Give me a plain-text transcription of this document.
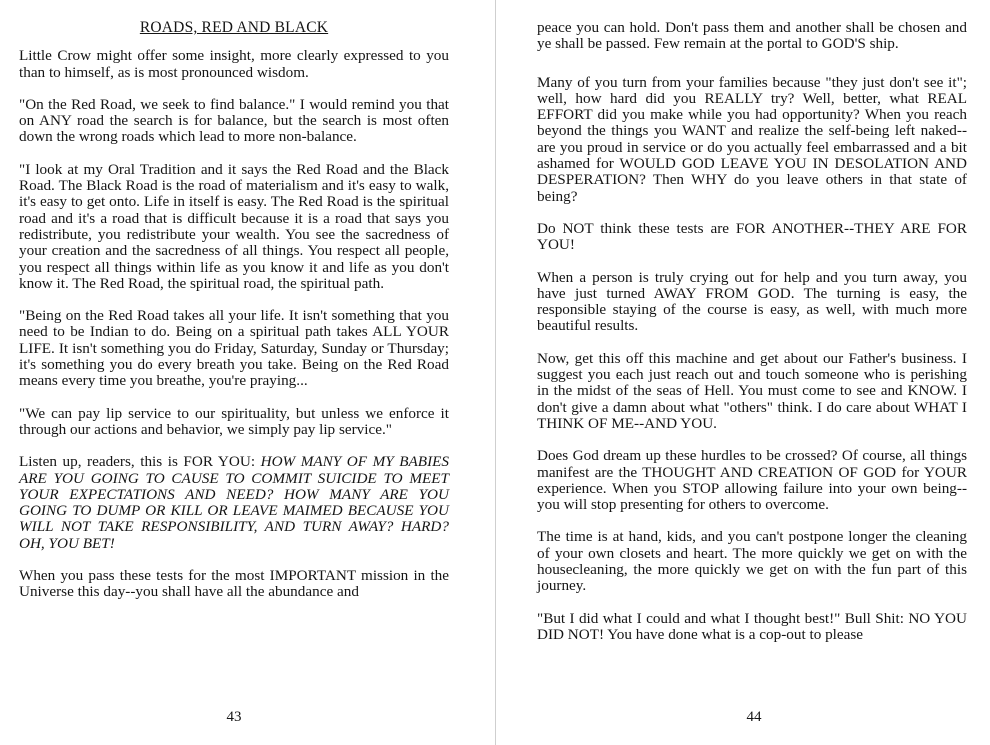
ROADS, RED AND BLACK

Little Crow might offer some insight, more clearly expressed to you than to himself, as is most pronounced wisdom.

"On the Red Road, we seek to find balance." I would remind you that on ANY road the search is for balance, but the search is most often down the wrong roads which lead to more non-balance.

"I look at my Oral Tradition and it says the Red Road and the Black Road. The Black Road is the road of materialism and it's easy to walk, it's easy to get onto. Life in itself is easy. The Red Road is the spiritual road and it's a road that is difficult because it is a road that says you redistribute, you redistribute your wealth. You see the sacredness of your creation and the sacredness of all things. You respect all people, you respect all things within life as you know it and life as you don't know it. The Red Road, the spiritual road, the spiritual path.

"Being on the Red Road takes all your life. It isn't something that you need to be Indian to do. Being on a spiritual path takes ALL YOUR LIFE. It isn't something you do Friday, Saturday, Sunday or Thursday; it's something you do every breath you take. Being on the Red Road means every time you breathe, you're praying...

"We can pay lip service to our spirituality, but unless we enforce it through our actions and behavior, we simply pay lip service."

Listen up, readers, this is FOR YOU: HOW MANY OF MY BABIES ARE YOU GOING TO CAUSE TO COMMIT SUICIDE TO MEET YOUR EXPECTATIONS AND NEED? HOW MANY ARE YOU GOING TO DUMP OR KILL OR LEAVE MAIMED BECAUSE YOU WILL NOT TAKE RESPONSIBILITY, AND TURN AWAY? HARD? OH, YOU BET!

When you pass these tests for the most IMPORTANT mission in the Universe this day--you shall have all the abundance and

peace you can hold. Don't pass them and another shall be chosen and ye shall be passed. Few remain at the portal to GOD'S ship.

Many of you turn from your families because "they just don't see it"; well, how hard did you REALLY try? Well, better, what REAL EFFORT did you make while you had opportunity? When you reach beyond the things you WANT and realize the self-being left naked--are you proud in service or do you actually feel embarrassed and a bit ashamed for WOULD GOD LEAVE YOU IN DESOLATION AND DESPERATION? Then WHY do you leave others in that state of being?

Do NOT think these tests are FOR ANOTHER--THEY ARE FOR YOU!

When a person is truly crying out for help and you turn away, you have just turned AWAY FROM GOD. The turning is easy, the responsible staying of the course is easy, as well, with much more beautiful results.

Now, get this off this machine and get about our Father's business. I suggest you each just reach out and touch someone who is perishing in the midst of the seas of Hell. You must come to see and KNOW. I don't give a damn about what "others" think. I do care about WHAT I THINK OF ME--AND YOU.

Does God dream up these hurdles to be crossed? Of course, all things manifest are the THOUGHT AND CREATION OF GOD for YOUR experience. When you STOP allowing failure into your own being--you will stop presenting for others to overcome.

The time is at hand, kids, and you can't postpone longer the cleaning of your own closets and heart. The more quickly we get on with the housecleaning, the more quickly we get on with the fun part of this journey.

"But I did what I could and what I thought best!" Bull Shit: NO YOU DID NOT! You have done what is a cop-out to please

43	44
